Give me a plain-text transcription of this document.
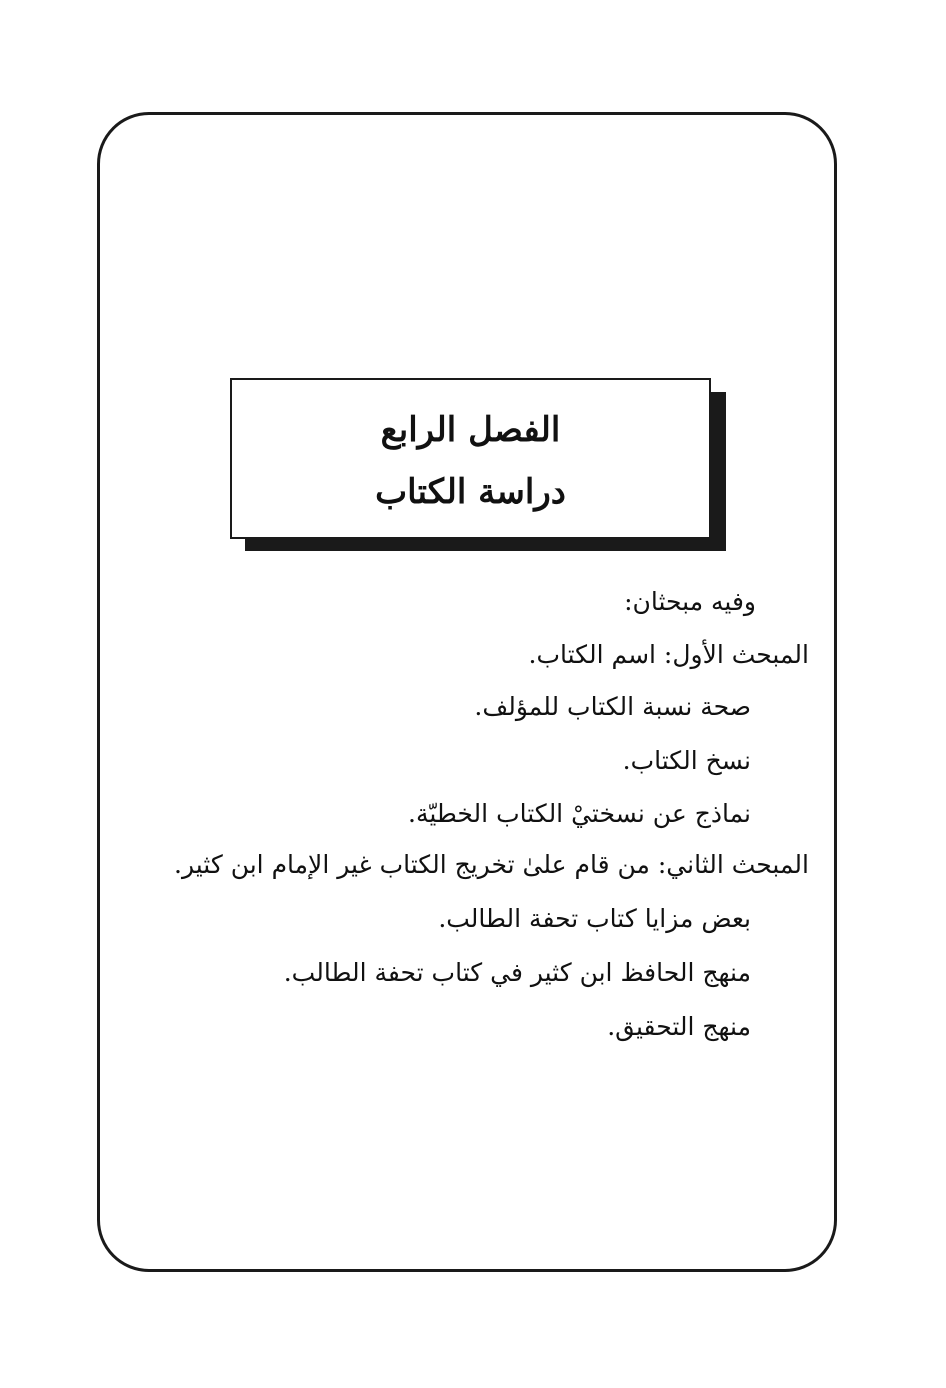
الفصل الرابع
دراسة الكتاب
وفيه مبحثان:
المبحث الأول: اسم الكتاب.
صحة نسبة الكتاب للمؤلف.
نسخ الكتاب.
نماذج عن نسختيْ الكتاب الخطيّة.
المبحث الثاني: من قام علىٰ تخريج الكتاب غير الإمام ابن كثير.
بعض مزايا كتاب تحفة الطالب.
منهج الحافظ ابن كثير في كتاب تحفة الطالب.
منهج التحقيق.
